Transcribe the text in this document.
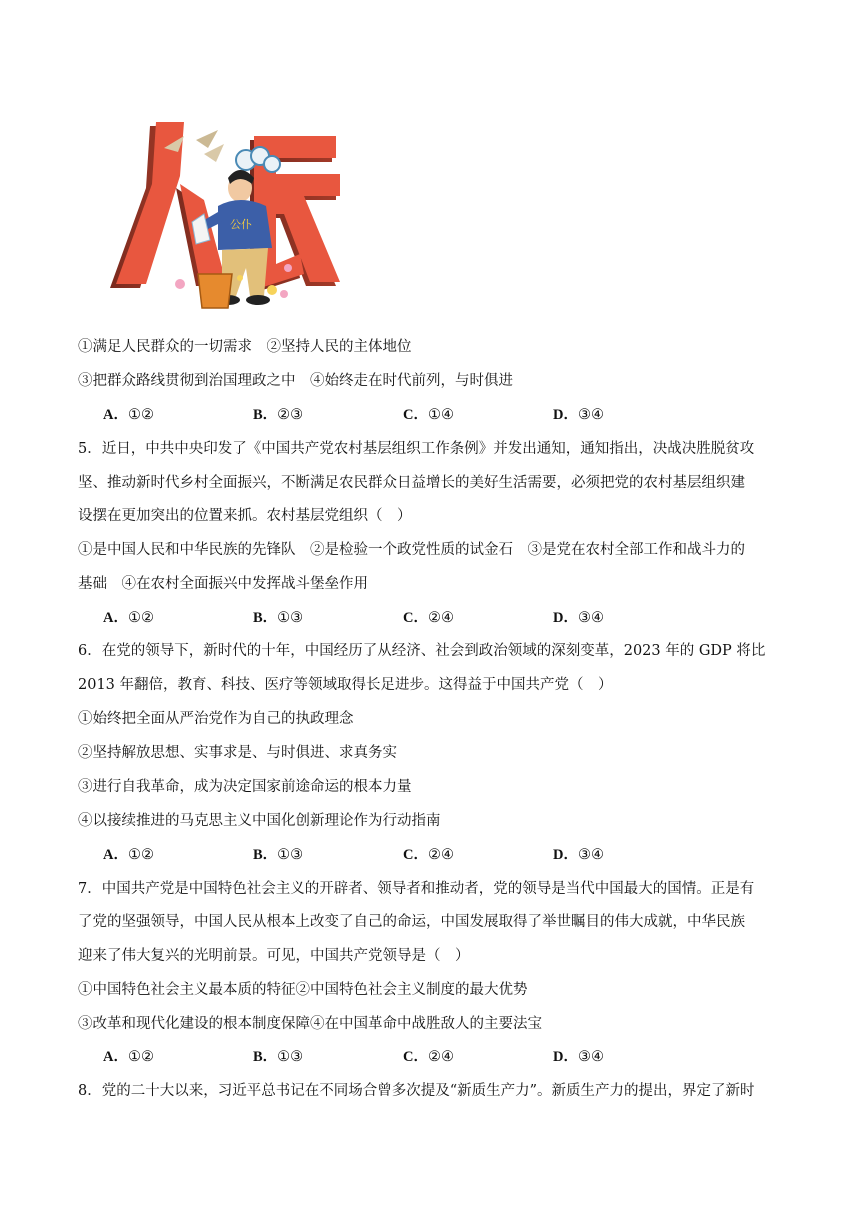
公仆
①满足人民群众的一切需求　②坚持人民的主体地位
③把群众路线贯彻到治国理政之中　④始终走在时代前列，与时俱进
A．①②	B．②③	C．①④	D．③④
5．近日，中共中央印发了《中国共产党农村基层组织工作条例》并发出通知，通知指出，决战决胜脱贫攻
坚、推动新时代乡村全面振兴，不断满足农民群众日益增长的美好生活需要，必须把党的农村基层组织建
设摆在更加突出的位置来抓。农村基层党组织（　）
①是中国人民和中华民族的先锋队　②是检验一个政党性质的试金石　③是党在农村全部工作和战斗力的
基础　④在农村全面振兴中发挥战斗堡垒作用
A．①②	B．①③	C．②④	D．③④
6．在党的领导下，新时代的十年，中国经历了从经济、社会到政治领域的深刻变革，2023 年的 GDP 将比
2013 年翻倍，教育、科技、医疗等领域取得长足进步。这得益于中国共产党（　）
①始终把全面从严治党作为自己的执政理念
②坚持解放思想、实事求是、与时俱进、求真务实
③进行自我革命，成为决定国家前途命运的根本力量
④以接续推进的马克思主义中国化创新理论作为行动指南
A．①②	B．①③	C．②④	D．③④
7．中国共产党是中国特色社会主义的开辟者、领导者和推动者，党的领导是当代中国最大的国情。正是有
了党的坚强领导，中国人民从根本上改变了自己的命运，中国发展取得了举世瞩目的伟大成就，中华民族
迎来了伟大复兴的光明前景。可见，中国共产党领导是（　）
①中国特色社会主义最本质的特征②中国特色社会主义制度的最大优势
③改革和现代化建设的根本制度保障④在中国革命中战胜敌人的主要法宝
A．①②	B．①③	C．②④	D．③④
8．党的二十大以来，习近平总书记在不同场合曾多次提及“新质生产力”。新质生产力的提出，界定了新时
